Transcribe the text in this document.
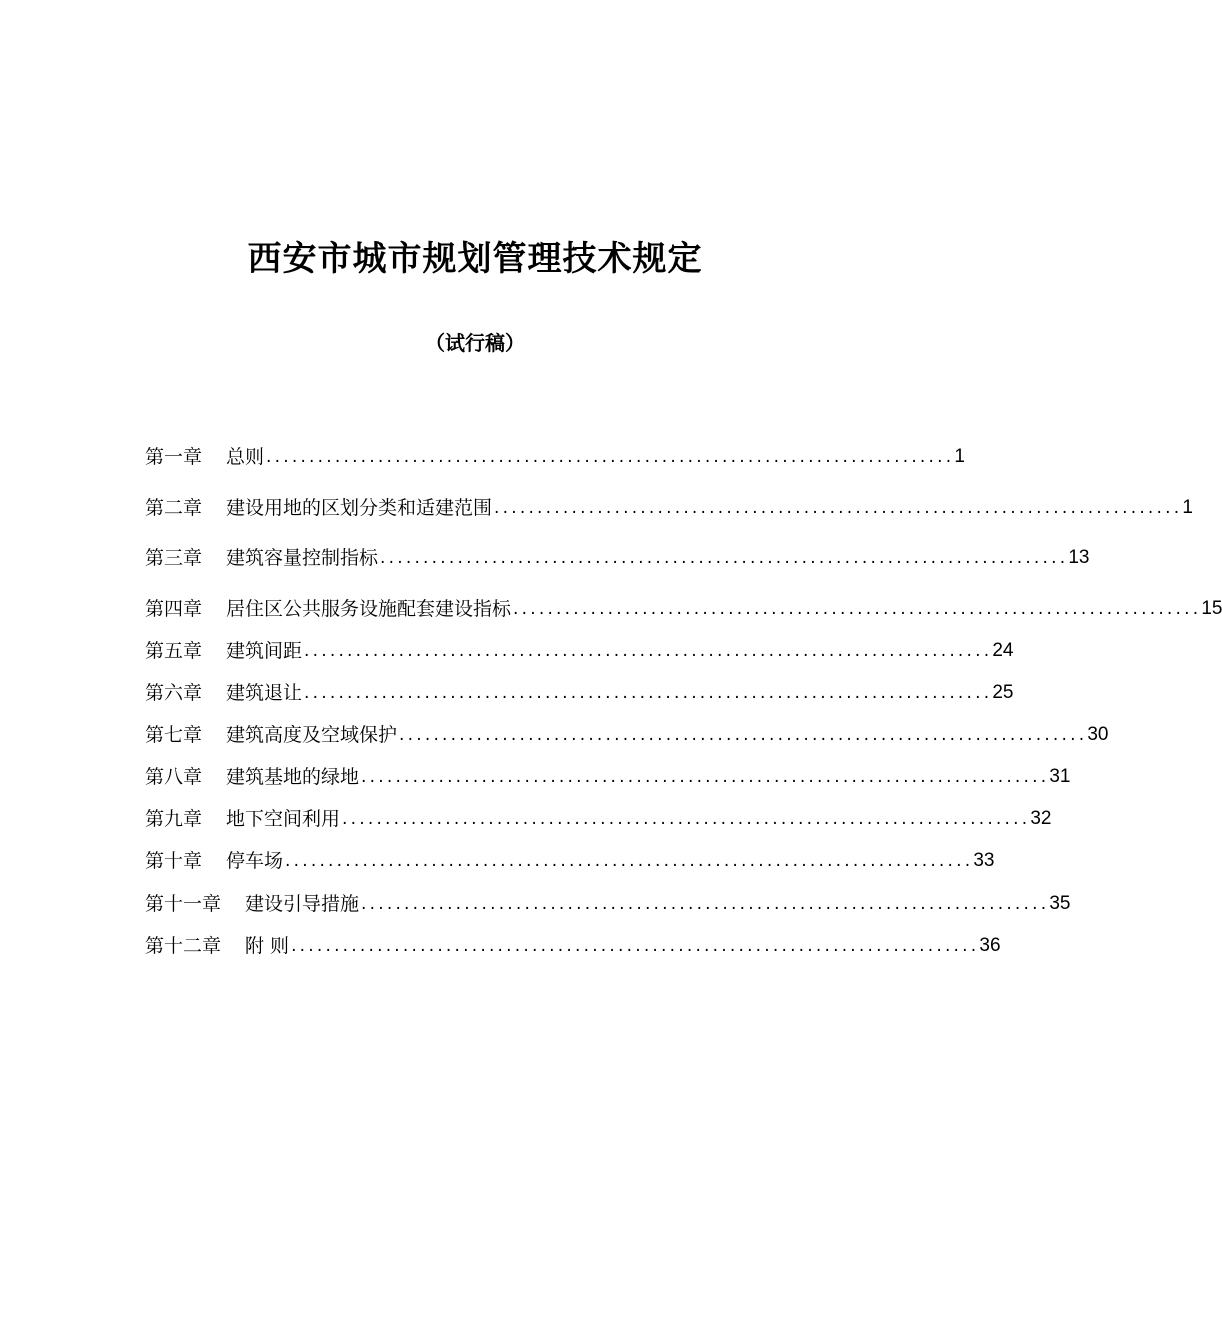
西安市城市规划管理技术规定
（试行稿）
第一章 总则 ................................................................................ 1
第二章 建设用地的区划分类和适建范围 ................................................................................ 1
第三章 建筑容量控制指标 ................................................................................ 13
第四章 居住区公共服务设施配套建设指标 ................................................................................ 15
第五章 建筑间距 ................................................................................ 24
第六章 建筑退让 ................................................................................ 25
第七章 建筑高度及空域保护 ................................................................................ 30
第八章 建筑基地的绿地 ................................................................................ 31
第九章 地下空间利用 ................................................................................ 32
第十章 停车场 ................................................................................ 33
第十一章 建设引导措施 ................................................................................ 35
第十二章 附 则 ................................................................................ 36
